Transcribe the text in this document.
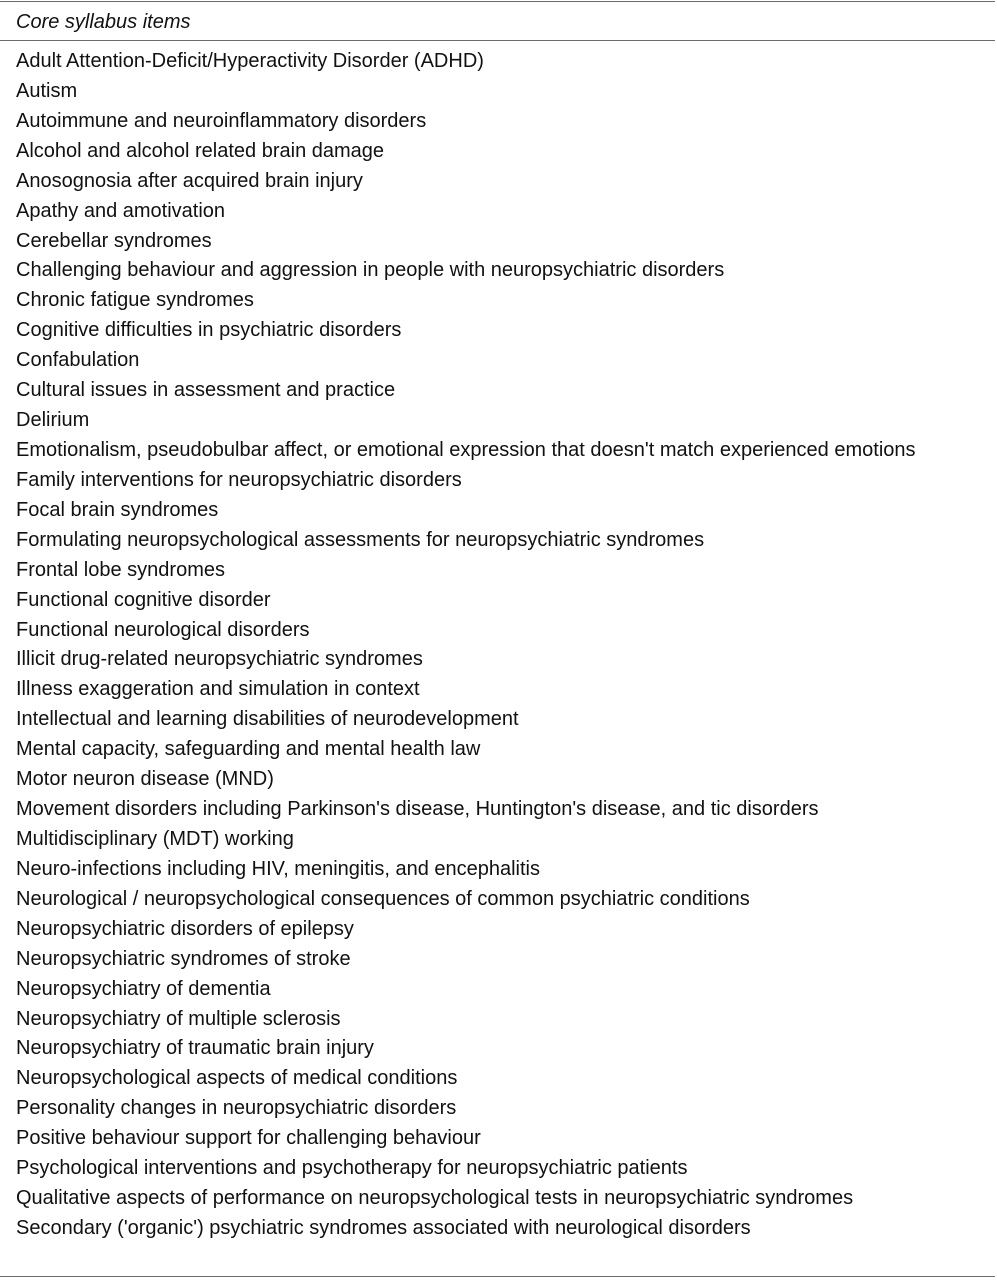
Core syllabus items
Adult Attention-Deficit/Hyperactivity Disorder (ADHD)
Autism
Autoimmune and neuroinflammatory disorders
Alcohol and alcohol related brain damage
Anosognosia after acquired brain injury
Apathy and amotivation
Cerebellar syndromes
Challenging behaviour and aggression in people with neuropsychiatric disorders
Chronic fatigue syndromes
Cognitive difficulties in psychiatric disorders
Confabulation
Cultural issues in assessment and practice
Delirium
Emotionalism, pseudobulbar affect, or emotional expression that doesn't match experienced emotions
Family interventions for neuropsychiatric disorders
Focal brain syndromes
Formulating neuropsychological assessments for neuropsychiatric syndromes
Frontal lobe syndromes
Functional cognitive disorder
Functional neurological disorders
Illicit drug-related neuropsychiatric syndromes
Illness exaggeration and simulation in context
Intellectual and learning disabilities of neurodevelopment
Mental capacity, safeguarding and mental health law
Motor neuron disease (MND)
Movement disorders including Parkinson's disease, Huntington's disease, and tic disorders
Multidisciplinary (MDT) working
Neuro-infections including HIV, meningitis, and encephalitis
Neurological / neuropsychological consequences of common psychiatric conditions
Neuropsychiatric disorders of epilepsy
Neuropsychiatric syndromes of stroke
Neuropsychiatry of dementia
Neuropsychiatry of multiple sclerosis
Neuropsychiatry of traumatic brain injury
Neuropsychological aspects of medical conditions
Personality changes in neuropsychiatric disorders
Positive behaviour support for challenging behaviour
Psychological interventions and psychotherapy for neuropsychiatric patients
Qualitative aspects of performance on neuropsychological tests in neuropsychiatric syndromes
Secondary ('organic') psychiatric syndromes associated with neurological disorders
